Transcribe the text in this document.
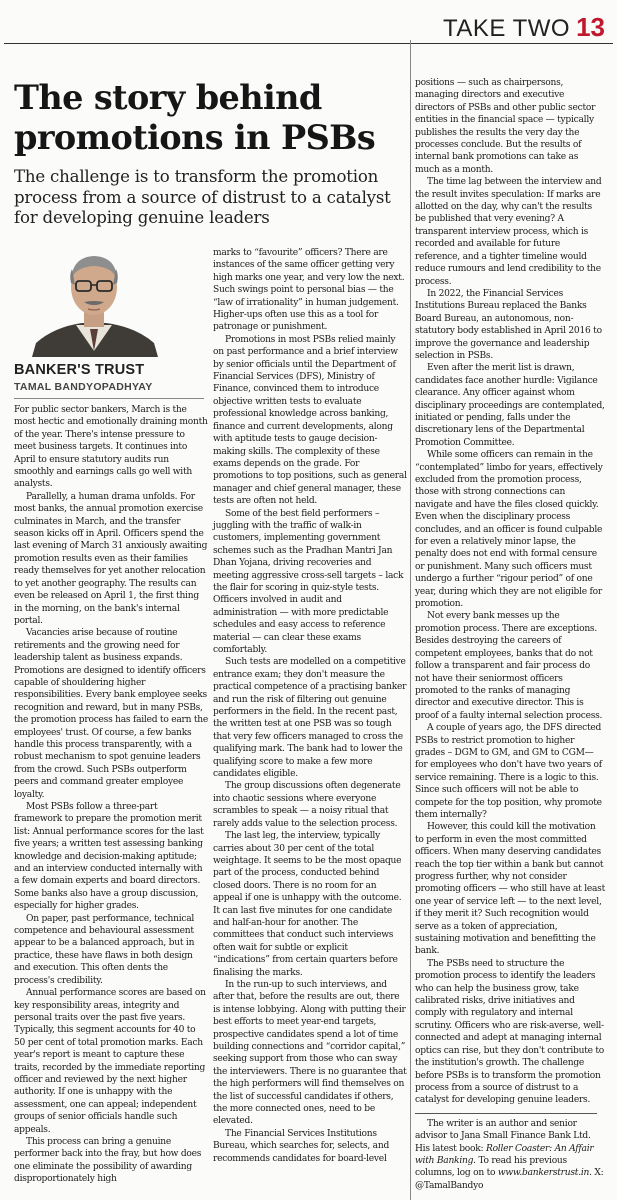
TAKE TWO 13
The story behind promotions in PSBs

The challenge is to transform the promotion process from a source of distrust to a catalyst for developing genuine leaders

BANKER'S TRUST
TAMAL BANDYOPADHYAY

For public sector bankers, March is the most hectic and emotionally draining month of the year. There's intense pressure to meet business targets. It continues into April to ensure statutory audits run smoothly and earnings calls go well with analysts.

Parallelly, a human drama unfolds. For most banks, the annual promotion exercise culminates in March, and the transfer season kicks off in April. Officers spend the last evening of March 31 anxiously awaiting promotion results even as their families ready themselves for yet another relocation to yet another geography. The results can even be released on April 1, the first thing in the morning, on the bank's internal portal.

Vacancies arise because of routine retirements and the growing need for leadership talent as business expands. Promotions are designed to identify officers capable of shouldering higher responsibilities. Every bank employee seeks recognition and reward, but in many PSBs, the promotion process has failed to earn the employees' trust. Of course, a few banks handle this process transparently, with a robust mechanism to spot genuine leaders from the crowd. Such PSBs outperform peers and command greater employee loyalty.

Most PSBs follow a three-part framework to prepare the promotion merit list: Annual performance scores for the last five years; a written test assessing banking knowledge and decision-making aptitude; and an interview conducted internally with a few domain experts and board directors. Some banks also have a group discussion, especially for higher grades.

On paper, past performance, technical competence and behavioural assessment appear to be a balanced approach, but in practice, these have flaws in both design and execution. This often dents the process's credibility.

Annual performance scores are based on key responsibility areas, integrity and personal traits over the past five years. Typically, this segment accounts for 40 to 50 per cent of total promotion marks. Each year's report is meant to capture these traits, recorded by the immediate reporting officer and reviewed by the next higher authority. If one is unhappy with the assessment, one can appeal; independent groups of senior officials handle such appeals.

This process can bring a genuine performer back into the fray, but how does one eliminate the possibility of awarding disproportionately high

marks to “favourite” officers? There are instances of the same officer getting very high marks one year, and very low the next. Such swings point to personal bias — the “law of irrationality” in human judgement. Higher-ups often use this as a tool for patronage or punishment.

Promotions in most PSBs relied mainly on past performance and a brief interview by senior officials until the Department of Financial Services (DFS), Ministry of Finance, convinced them to introduce objective written tests to evaluate professional knowledge across banking, finance and current developments, along with aptitude tests to gauge decision-making skills. The complexity of these exams depends on the grade. For promotions to top positions, such as general manager and chief general manager, these tests are often not held.

Some of the best field performers – juggling with the traffic of walk-in customers, implementing government schemes such as the Pradhan Mantri Jan Dhan Yojana, driving recoveries and meeting aggressive cross-sell targets – lack the flair for scoring in quiz-style tests. Officers involved in audit and administration — with more predictable schedules and easy access to reference material — can clear these exams comfortably.

Such tests are modelled on a competitive entrance exam; they don't measure the practical competence of a practising banker and run the risk of filtering out genuine performers in the field. In the recent past, the written test at one PSB was so tough that very few officers managed to cross the qualifying mark. The bank had to lower the qualifying score to make a few more candidates eligible.

The group discussions often degenerate into chaotic sessions where everyone scrambles to speak — a noisy ritual that rarely adds value to the selection process.

The last leg, the interview, typically carries about 30 per cent of the total weightage. It seems to be the most opaque part of the process, conducted behind closed doors. There is no room for an appeal if one is unhappy with the outcome. It can last five minutes for one candidate and half-an-hour for another. The committees that conduct such interviews often wait for subtle or explicit “indications” from certain quarters before finalising the marks.

In the run-up to such interviews, and after that, before the results are out, there is intense lobbying. Along with putting their best efforts to meet year-end targets, prospective candidates spend a lot of time building connections and “corridor capital,” seeking support from those who can sway the interviewers. There is no guarantee that the high performers will find themselves on the list of successful candidates if others, the more connected ones, need to be elevated.

The Financial Services Institutions Bureau, which searches for, selects, and recommends candidates for board-level

positions — such as chairpersons, managing directors and executive directors of PSBs and other public sector entities in the financial space — typically publishes the results the very day the processes conclude. But the results of internal bank promotions can take as much as a month.

The time lag between the interview and the result invites speculation: If marks are allotted on the day, why can't the results be published that very evening? A transparent interview process, which is recorded and available for future reference, and a tighter timeline would reduce rumours and lend credibility to the process.

In 2022, the Financial Services Institutions Bureau replaced the Banks Board Bureau, an autonomous, non-statutory body established in April 2016 to improve the governance and leadership selection in PSBs.

Even after the merit list is drawn, candidates face another hurdle: Vigilance clearance. Any officer against whom disciplinary proceedings are contemplated, initiated or pending, falls under the discretionary lens of the Departmental Promotion Committee.

While some officers can remain in the “contemplated” limbo for years, effectively excluded from the promotion process, those with strong connections can navigate and have the files closed quickly. Even when the disciplinary process concludes, and an officer is found culpable for even a relatively minor lapse, the penalty does not end with formal censure or punishment. Many such officers must undergo a further “rigour period” of one year, during which they are not eligible for promotion.

Not every bank messes up the promotion process. There are exceptions. Besides destroying the careers of competent employees, banks that do not follow a transparent and fair process do not have their seniormost officers promoted to the ranks of managing director and executive director. This is proof of a faulty internal selection process.

A couple of years ago, the DFS directed PSBs to restrict promotion to higher grades – DGM to GM, and GM to CGM— for employees who don't have two years of service remaining. There is a logic to this. Since such officers will not be able to compete for the top position, why promote them internally?

However, this could kill the motivation to perform in even the most committed officers. When many deserving candidates reach the top tier within a bank but cannot progress further, why not consider promoting officers — who still have at least one year of service left — to the next level, if they merit it? Such recognition would serve as a token of appreciation, sustaining motivation and benefitting the bank.

The PSBs need to structure the promotion process to identify the leaders who can help the business grow, take calibrated risks, drive initiatives and comply with regulatory and internal scrutiny. Officers who are risk-averse, well-connected and adept at managing internal optics can rise, but they don't contribute to the institution's growth. The challenge before PSBs is to transform the promotion process from a source of distrust to a catalyst for developing genuine leaders.

The writer is an author and senior advisor to Jana Small Finance Bank Ltd. His latest book: Roller Coaster: An Affair with Banking. To read his previous columns, log on to www.bankerstrust.in. X: @TamalBandyo
